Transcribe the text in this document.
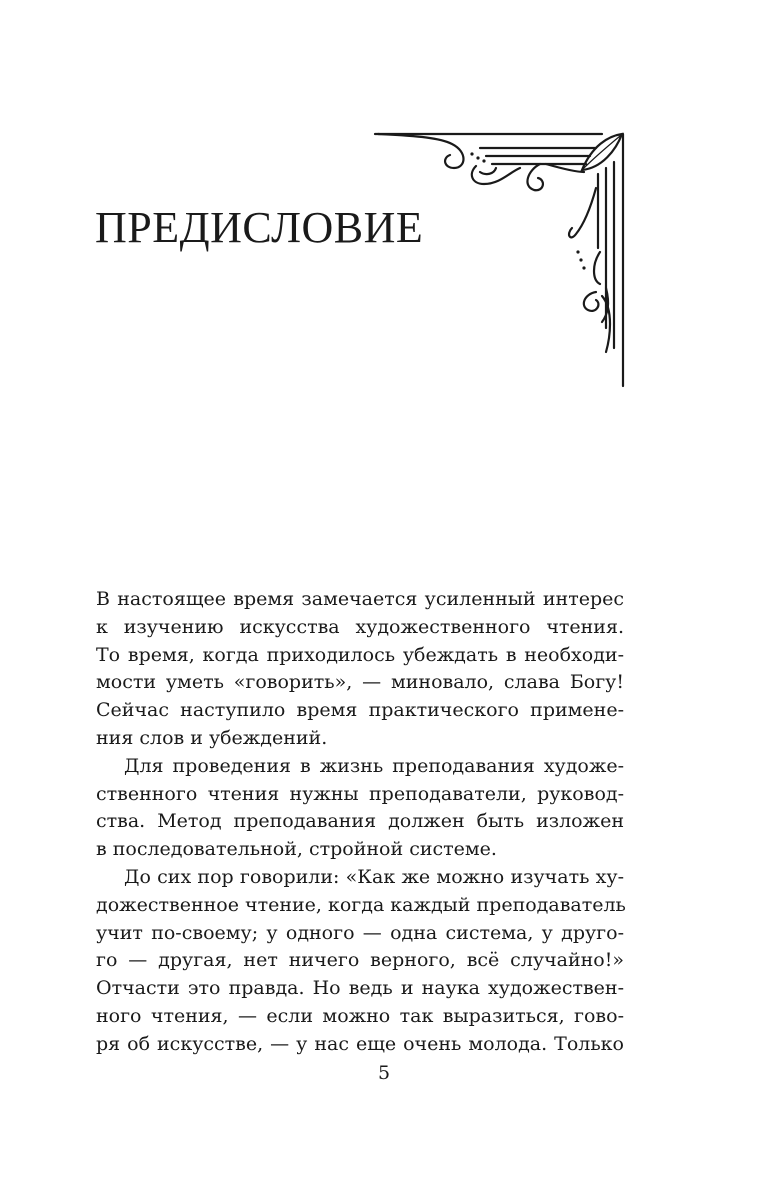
ПРЕДИСЛОВИЕ

В настоящее время замечается усиленный интерес
к изучению искусства художественного чтения.
То время, когда приходилось убеждать в необходи-
мости уметь «говорить», — миновало, слава Богу!
Сейчас наступило время практического примене-
ния слов и убеждений.

Для проведения в жизнь преподавания художе-
ственного чтения нужны преподаватели, руковод-
ства. Метод преподавания должен быть изложен
в последовательной, стройной системе.

До сих пор говорили: «Как же можно изучать ху-
дожественное чтение, когда каждый преподаватель
учит по-своему; у одного — одна система, у друго-
го — другая, нет ничего верного, всё случайно!»
Отчасти это правда. Но ведь и наука художествен-
ного чтения, — если можно так выразиться, гово-
ря об искусстве, — у нас еще очень молода. Только

5
